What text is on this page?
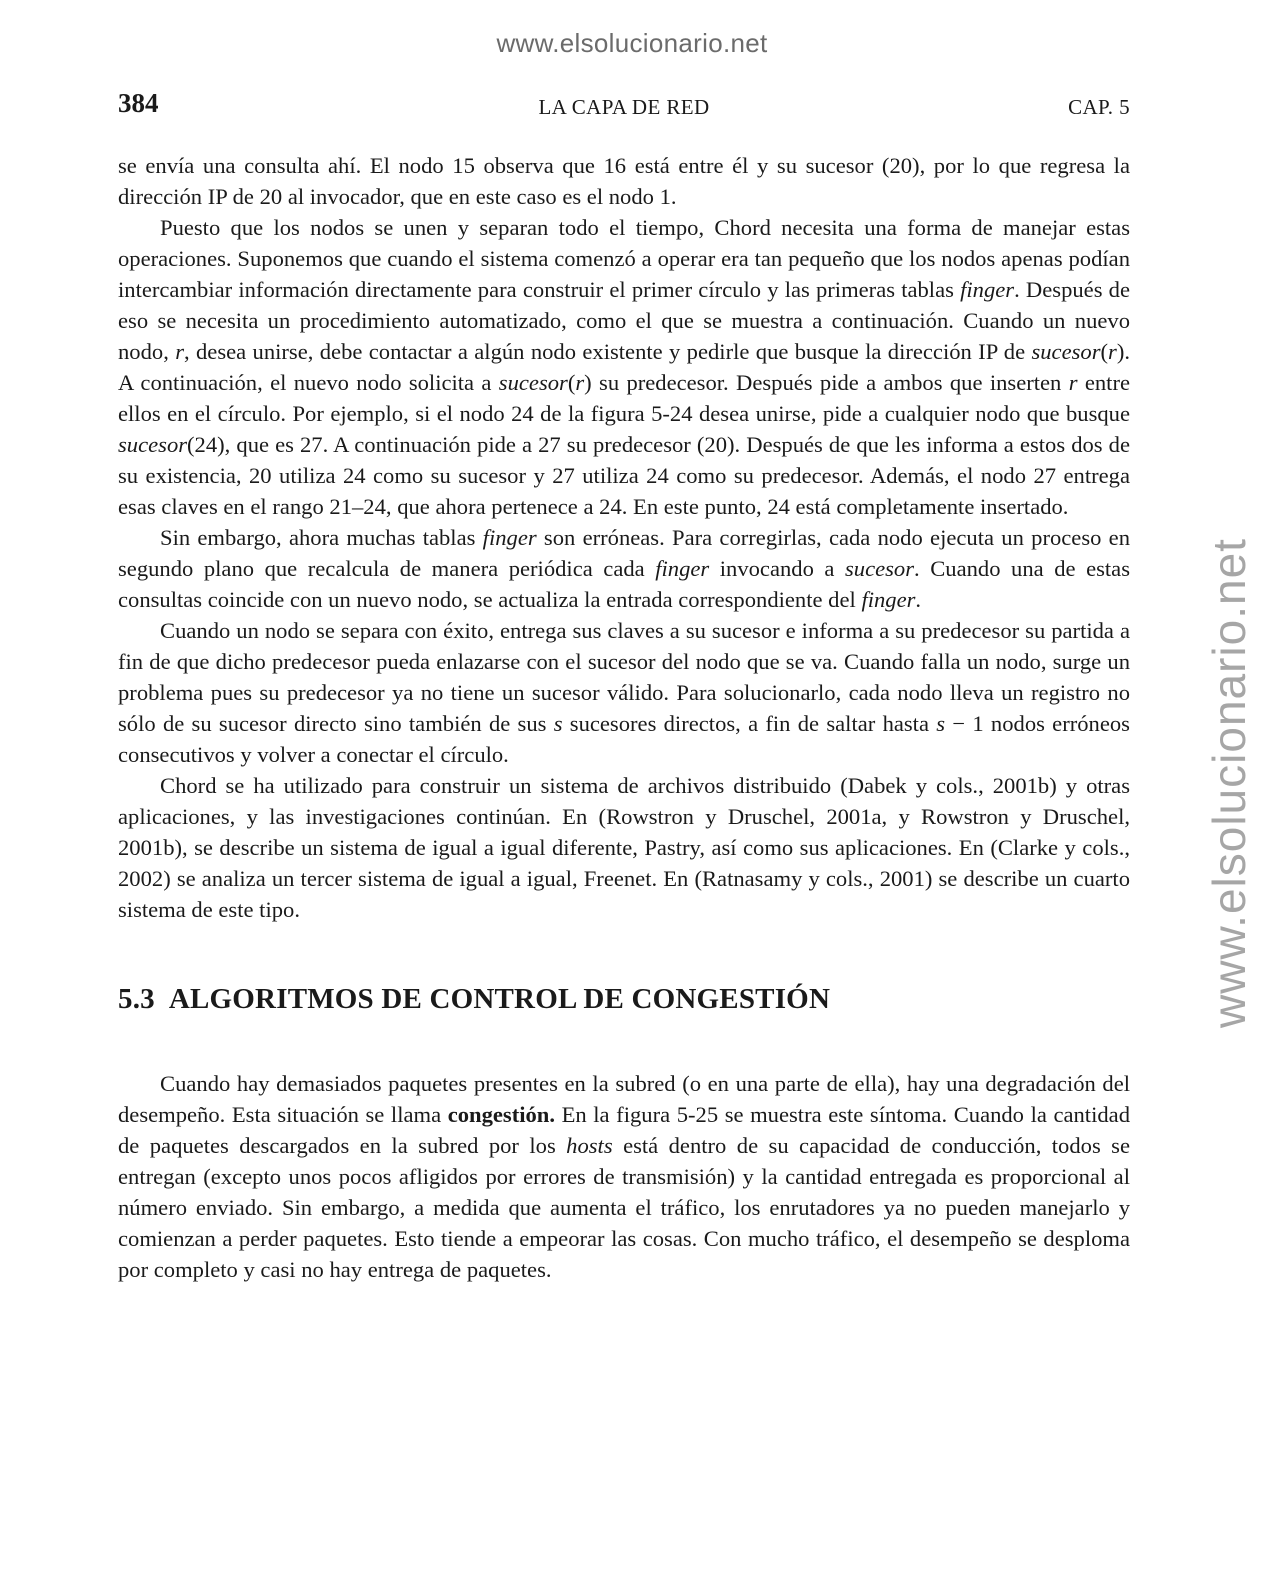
www.elsolucionario.net
www.elsolucionario.net
384	LA CAPA DE RED	CAP. 5

se envía una consulta ahí. El nodo 15 observa que 16 está entre él y su sucesor (20), por lo que regresa la dirección IP de 20 al invocador, que en este caso es el nodo 1.

Puesto que los nodos se unen y separan todo el tiempo, Chord necesita una forma de manejar estas operaciones. Suponemos que cuando el sistema comenzó a operar era tan pequeño que los nodos apenas podían intercambiar información directamente para construir el primer círculo y las primeras tablas finger. Después de eso se necesita un procedimiento automatizado, como el que se muestra a continuación. Cuando un nuevo nodo, r, desea unirse, debe contactar a algún nodo existente y pedirle que busque la dirección IP de sucesor(r). A continuación, el nuevo nodo solicita a sucesor(r) su predecesor. Después pide a ambos que inserten r entre ellos en el círculo. Por ejemplo, si el nodo 24 de la figura 5-24 desea unirse, pide a cualquier nodo que busque sucesor(24), que es 27. A continuación pide a 27 su predecesor (20). Después de que les informa a estos dos de su existencia, 20 utiliza 24 como su sucesor y 27 utiliza 24 como su predecesor. Además, el nodo 27 entrega esas claves en el rango 21–24, que ahora pertenece a 24. En este punto, 24 está completamente insertado.

Sin embargo, ahora muchas tablas finger son erróneas. Para corregirlas, cada nodo ejecuta un proceso en segundo plano que recalcula de manera periódica cada finger invocando a sucesor. Cuando una de estas consultas coincide con un nuevo nodo, se actualiza la entrada correspondiente del finger.

Cuando un nodo se separa con éxito, entrega sus claves a su sucesor e informa a su predecesor su partida a fin de que dicho predecesor pueda enlazarse con el sucesor del nodo que se va. Cuando falla un nodo, surge un problema pues su predecesor ya no tiene un sucesor válido. Para solucionarlo, cada nodo lleva un registro no sólo de su sucesor directo sino también de sus s sucesores directos, a fin de saltar hasta s − 1 nodos erróneos consecutivos y volver a conectar el círculo.

Chord se ha utilizado para construir un sistema de archivos distribuido (Dabek y cols., 2001b) y otras aplicaciones, y las investigaciones continúan. En (Rowstron y Druschel, 2001a, y Rowstron y Druschel, 2001b), se describe un sistema de igual a igual diferente, Pastry, así como sus aplicaciones. En (Clarke y cols., 2002) se analiza un tercer sistema de igual a igual, Freenet. En (Ratnasamy y cols., 2001) se describe un cuarto sistema de este tipo.

5.3 ALGORITMOS DE CONTROL DE CONGESTIÓN

Cuando hay demasiados paquetes presentes en la subred (o en una parte de ella), hay una degradación del desempeño. Esta situación se llama congestión. En la figura 5-25 se muestra este síntoma. Cuando la cantidad de paquetes descargados en la subred por los hosts está dentro de su capacidad de conducción, todos se entregan (excepto unos pocos afligidos por errores de transmisión) y la cantidad entregada es proporcional al número enviado. Sin embargo, a medida que aumenta el tráfico, los enrutadores ya no pueden manejarlo y comienzan a perder paquetes. Esto tiende a empeorar las cosas. Con mucho tráfico, el desempeño se desploma por completo y casi no hay entrega de paquetes.
